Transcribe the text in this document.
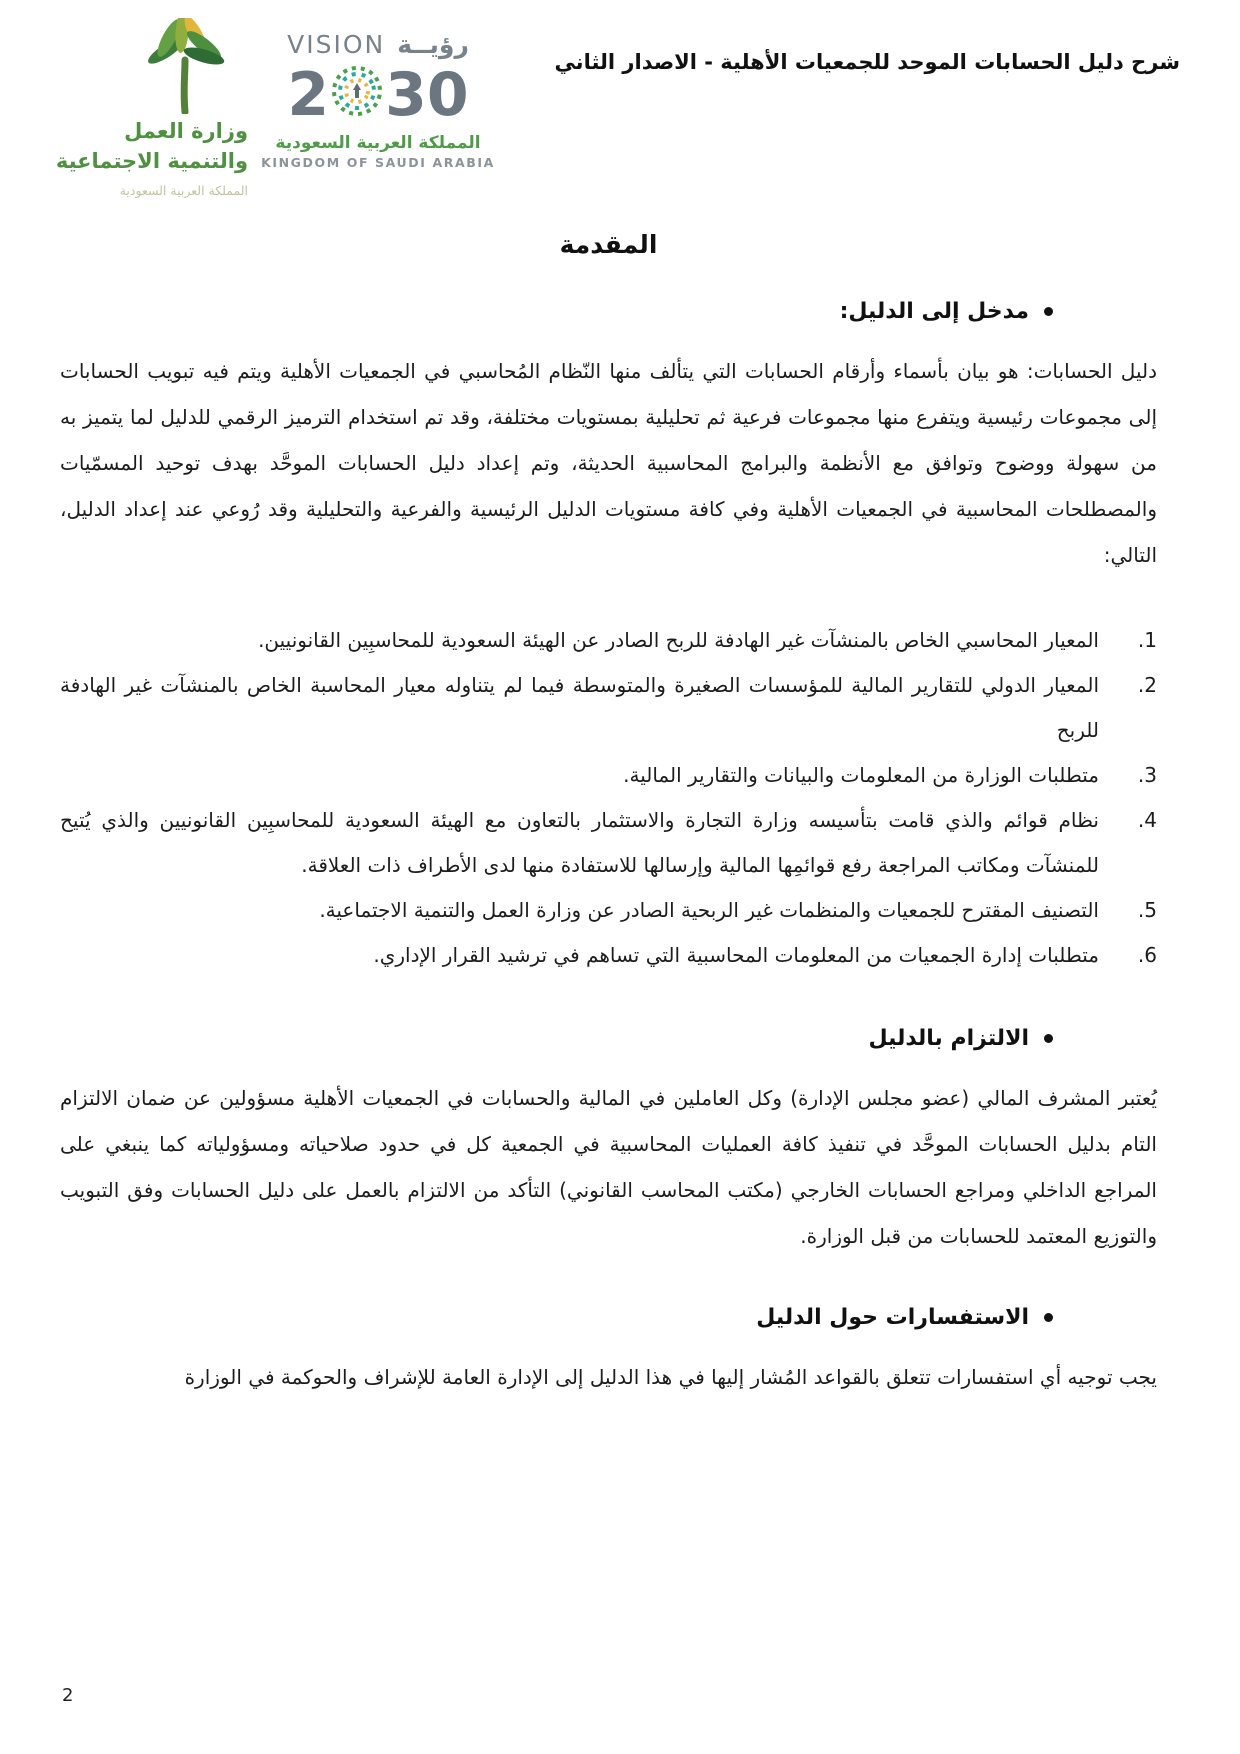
وزارة العمل
والتنمية الاجتماعية
المملكة العربية السعودية
VISION رؤيــة
2 30
المملكة العربية السعودية
KINGDOM OF SAUDI ARABIA
شرح دليل الحسابات الموحد للجمعيات الأهلية - الاصدار الثاني
المقدمة
مدخل إلى الدليل:

دليل الحسابات: هو بيان بأسماء وأرقام الحسابات التي يتألف منها النّظام المُحاسبي في الجمعيات الأهلية ويتم فيه تبويب الحسابات إلى مجموعات رئيسية ويتفرع منها مجموعات فرعية ثم تحليلية بمستويات مختلفة، وقد تم استخدام الترميز الرقمي للدليل لما يتميز به من سهولة ووضوح وتوافق مع الأنظمة والبرامج المحاسبية الحديثة، وتم إعداد دليل الحسابات الموحَّد بهدف توحيد المسمّيات والمصطلحات المحاسبية في الجمعيات الأهلية وفي كافة مستويات الدليل الرئيسية والفرعية والتحليلية وقد رُوعي عند إعداد الدليل، التالي:

1.
المعيار المحاسبي الخاص بالمنشآت غير الهادفة للربح الصادر عن الهيئة السعودية للمحاسبِين القانونيين.
2.
المعيار الدولي للتقارير المالية للمؤسسات الصغيرة والمتوسطة فيما لم يتناوله معيار المحاسبة الخاص بالمنشآت غير الهادفة للربح
3.
متطلبات الوزارة من المعلومات والبيانات والتقارير المالية.
4.
نظام قوائم والذي قامت بتأسيسه وزارة التجارة والاستثمار بالتعاون مع الهيئة السعودية للمحاسبِين القانونيين والذي يُتيح للمنشآت ومكاتب المراجعة رفع قوائمِها المالية وإرسالها للاستفادة منها لدى الأطراف ذات العلاقة.
5.
التصنيف المقترح للجمعيات والمنظمات غير الربحية الصادر عن وزارة العمل والتنمية الاجتماعية.
6.
متطلبات إدارة الجمعيات من المعلومات المحاسبية التي تساهم في ترشيد القرار الإداري.
الالتزام بالدليل

يُعتبر المشرف المالي (عضو مجلس الإدارة) وكل العاملين في المالية والحسابات في الجمعيات الأهلية مسؤولين عن ضمان الالتزام التام بدليل الحسابات الموحَّد في تنفيذ كافة العمليات المحاسبية في الجمعية كل في حدود صلاحياته ومسؤولياته كما ينبغي على المراجع الداخلي ومراجع الحسابات الخارجي (مكتب المحاسب القانوني) التأكد من الالتزام بالعمل على دليل الحسابات وفق التبويب والتوزيع المعتمد للحسابات من قبل الوزارة.

الاستفسارات حول الدليل

يجب توجيه أي استفسارات تتعلق بالقواعد المُشار إليها في هذا الدليل إلى الإدارة العامة للإشراف والحوكمة في الوزارة

2
